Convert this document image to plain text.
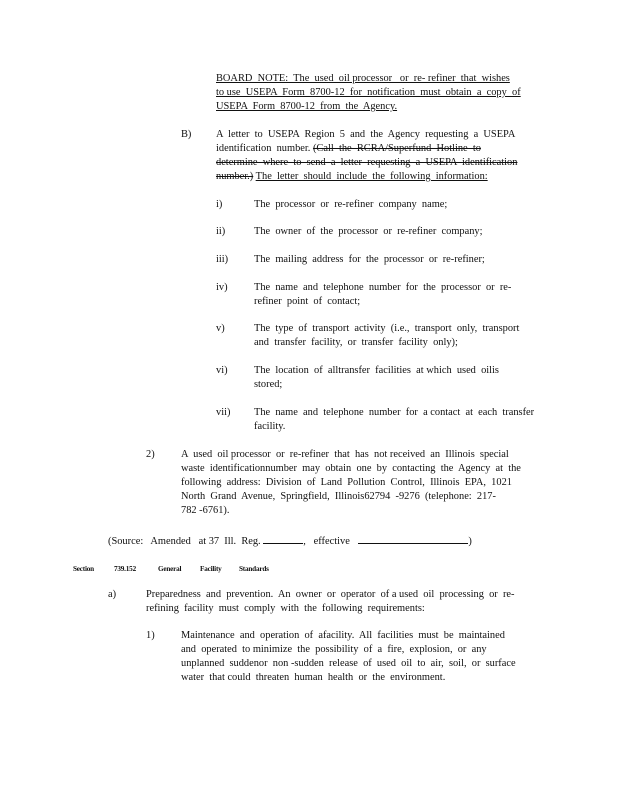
BOARD  NOTE:  The  used  oil processor   or  re- refiner  that  wishes
to use  USEPA  Form  8700-12  for  notification  must  obtain  a  copy  of
USEPA  Form  8700-12  from  the  Agency.
B) A  letter  to  USEPA  Region  5  and  the  Agency  requesting  a  USEPA
identification  number. (Call  the  RCRA/Superfund  Hotline  to
determine  where  to  send  a  letter  requesting  a  USEPA  identification
number.) The  letter  should  include  the  following  information:
i)	The  processor  or  re-refiner  company  name;
ii)	The  owner  of  the  processor  or  re-refiner  company;
iii) The  mailing  address  for  the  processor  or  re-refiner;
iv)	The  name  and  telephone  number  for  the  processor  or  re-
refiner  point  of  contact;
v)	The  type  of  transport  activity  (i.e.,  transport  only,  transport
and  transfer  facility,  or  transfer  facility  only);
vi)	The  location  of  alltransfer  facilities  at which  used  oilis
stored;
vii) The  name  and  telephone  number  for  a contact  at  each  transfer
facility.
2)	A  used  oil processor  or  re-refiner  that  has  not received  an  Illinois  special
waste  identificationnumber  may  obtain  one  by  contacting  the  Agency  at  the
following  address:  Division  of  Land  Pollution  Control,  Illinois  EPA,  1021
North  Grand  Avenue,  Springfield,  Illinois62794  -9276  (telephone:  217-
782 -6761).
(Source:   Amended   at 37  Ill.  Reg.	,   effective	)
Section	739.152	General	Facility Standards
a)	Preparedness  and  prevention.  An  owner  or  operator  of a used  oil  processing  or  re-
refining  facility  must  comply  with  the  following  requirements:
1)	Maintenance  and  operation  of  afacility.  All  facilities  must  be  maintained
and  operated  to minimize  the  possibility  of  a  fire,  explosion,  or  any
unplanned  suddenor  non -sudden  release  of  used  oil  to  air,  soil,  or  surface
water  that could  threaten  human  health  or  the  environment.
